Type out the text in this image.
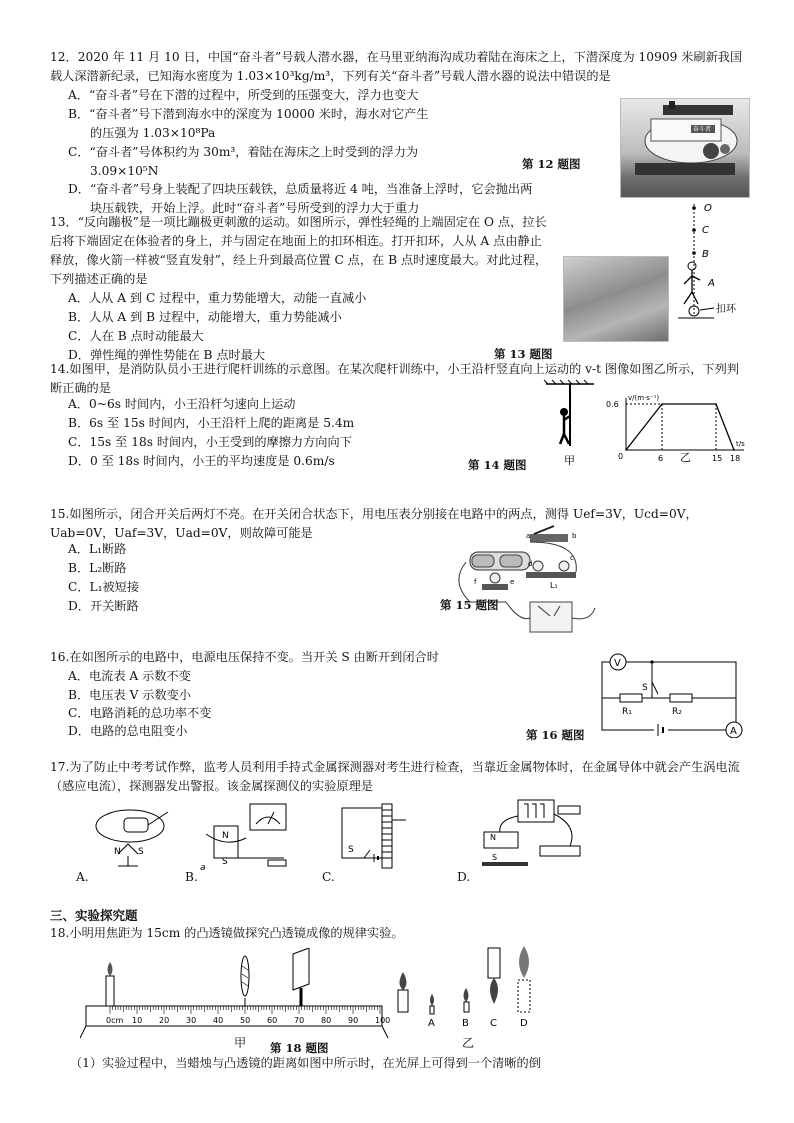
12．2020 年 11 月 10 日，中国“奋斗者”号载人潜水器，在马里亚纳海沟成功着陆在海床之上，下潜深度为 10909 米刷新我国载人深潜新纪录，已知海水密度为 1.03×10³kg/m³，下列有关“奋斗者”号载人潜水器的说法中错误的是
A．“奋斗者”号在下潜的过程中，所受到的压强变大，浮力也变大
B．“奋斗者”号下潜到海水中的深度为 10000 米时，海水对它产生
的压强为 1.03×10⁸Pa
C．“奋斗者”号体积约为 30m³，着陆在海床之上时受到的浮力为
3.09×10⁵N
D．“奋斗者”号身上装配了四块压载铁，总质量将近 4 吨，当准备上浮时，它会抛出两
块压载铁，开始上浮。此时“奋斗者”号所受到的浮力大于重力
奋斗者
第 12 题图
13．“反向蹦极”是一项比蹦极更刺激的运动。如图所示，弹性轻绳的上端固定在 O 点，拉长后将下端固定在体验者的身上，并与固定在地面上的扣环相连。打开扣环，人从 A 点由静止释放，像火箭一样被“竖直发射”，经上升到最高位置 C 点，在 B 点时速度最大。对此过程，下列描述正确的是
A．人从 A 到 C 过程中，重力势能增大，动能一直减小
B．人从 A 到 B 过程中，动能增大，重力势能减小
C．人在 B 点时动能最大
D．弹性绳的弹性势能在 B 点时最大
O
C
B
A
扣环
第 13 题图
14.如图甲，是消防队员小王进行爬杆训练的示意图。在某次爬杆训练中，小王沿杆竖直向上运动的 v-t 图像如图乙所示，下列判断正确的是
A．0~6s 时间内，小王沿杆匀速向上运动
B．6s 至 15s 时间内，小王沿杆上爬的距离是 5.4m
C．15s 至 18s 时间内，小王受到的摩擦力方向向下
D．0 至 18s 时间内，小王的平均速度是 0.6m/s	甲
v/(m·s⁻¹)
t/s
0
0.6
6	15 18
乙
第 14 题图
15.如图所示，闭合开关后两灯不亮。在开关闭合状态下，用电压表分别接在电路中的两点，测得 Uef=3V，Ucd=0V，Uab=0V，Uaf=3V，Uad=0V，则故障可能是
A．L₁断路
B．L₂断路
C．L₁被短接
D．开关断路
a	b
d
c
L₁
e
f
第 15 题图
16.在如图所示的电路中，电源电压保持不变。当开关 S 由断开到闭合时
A．电流表 A 示数不变
B．电压表 V 示数变小
C．电路消耗的总功率不变
D．电路的总电阻变小
V
S
R₁	R₂
A
第 16 题图
17.为了防止中考考试作弊，监考人员利用手持式金属探测器对考生进行检查，当靠近金属物体时，在金属导体中就会产生涡电流（感应电流），探测器发出警报。该金属探测仪的实验原理是
N S
A.
N
S
a
B.
S
C.
N
S
D.
三、实验探究题
18.小明用焦距为 15cm 的凸透镜做探究凸透镜成像的规律实验。
0cm 10 20 30 40 50 60 70 80 90 100	A	B C D
甲 第 18 题图	乙
（1）实验过程中，当蜡烛与凸透镜的距离如图中所示时，在光屏上可得到一个清晰的倒
